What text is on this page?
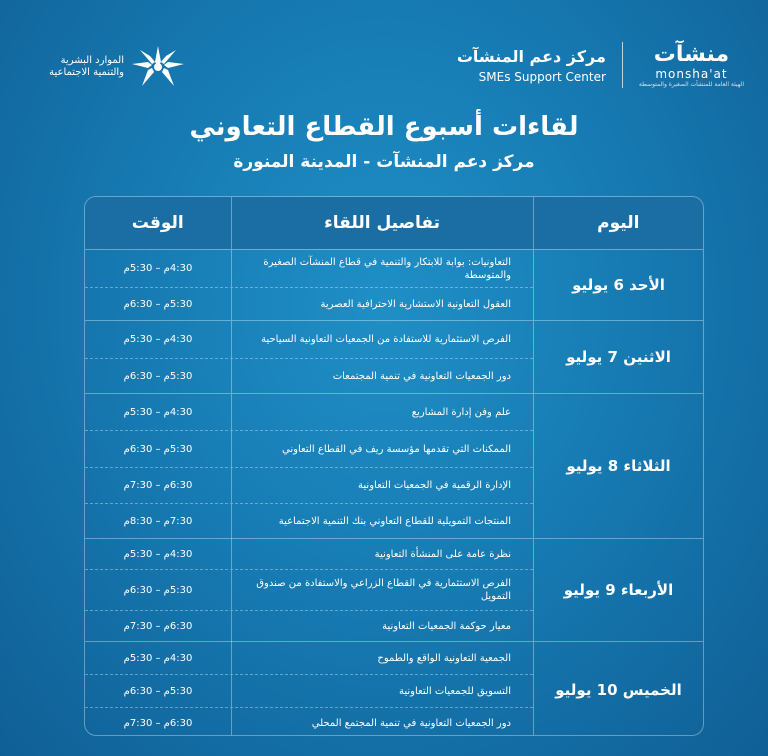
الموارد البشرية والتنمية الاجتماعية
مركز دعم المنشآت
SMEs Support Center
منشآت
monsha'at
الهيئة العامة للمنشآت الصغيرة والمتوسطة
لقاءات أسبوع القطاع التعاوني
مركز دعم المنشآت - المدينة المنورة
اليوم
تفاصيل اللقاء
الوقت
الأحد 6 يوليو
التعاونيات: بوابة للابتكار والتنمية في قطاع المنشآت الصغيرة والمتوسطة
4:30م – 5:30م
العقول التعاونية الاستشارية الاحترافية العصرية
5:30م – 6:30م
الاثنين 7 يوليو
الفرص الاستثمارية للاستفادة من الجمعيات التعاونية السياحية
4:30م – 5:30م
دور الجمعيات التعاونية في تنمية المجتمعات
5:30م – 6:30م
الثلاثاء 8 يوليو
علم وفن إدارة المشاريع
4:30م – 5:30م
الممكنات التي تقدمها مؤسسة ريف في القطاع التعاوني
5:30م – 6:30م
الإدارة الرقمية في الجمعيات التعاونية
6:30م – 7:30م
المنتجات التمويلية للقطاع التعاوني بنك التنمية الاجتماعية
7:30م – 8:30م
الأربعاء 9 يوليو
نظرة عامة على المنشأة التعاونية
4:30م – 5:30م
الفرص الاستثمارية في القطاع الزراعي والاستفادة من صندوق التمويل
5:30م – 6:30م
معيار حوكمة الجمعيات التعاونية
6:30م – 7:30م
الخميس 10 يوليو
الجمعية التعاونية الواقع والطموح
4:30م – 5:30م
التسويق للجمعيات التعاونية
5:30م – 6:30م
دور الجمعيات التعاونية في تنمية المجتمع المحلي
6:30م – 7:30م
